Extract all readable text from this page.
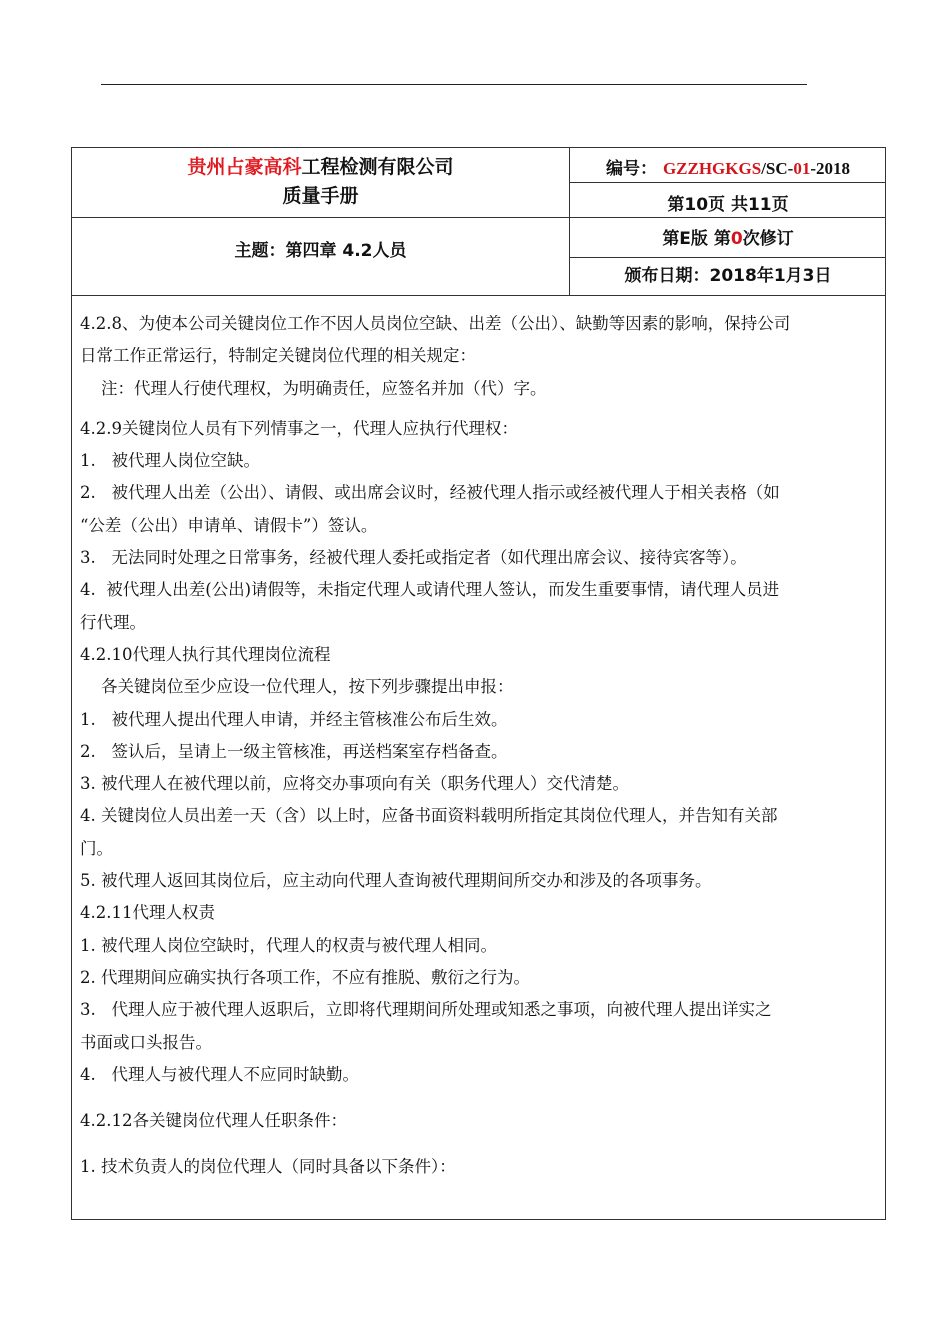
贵州占豪高科工程检测有限公司
质量手册
编号： GZZHGKGS/SC-01-2018
第10页 共11页
第E版 第0次修订
主题：第四章 4.2人员
颁布日期：2018年1月3日

4.2.8、为使本公司关键岗位工作不因人员岗位空缺、出差（公出）、缺勤等因素的影响，保持公司

日常工作正常运行，特制定关键岗位代理的相关规定：

注：代理人行使代理权，为明确责任，应签名并加（代）字。

4.2.9关键岗位人员有下列情事之一，代理人应执行代理权：

1.   被代理人岗位空缺。

2.   被代理人出差（公出）、请假、或出席会议时，经被代理人指示或经被代理人于相关表格（如

“公差（公出）申请单、请假卡”）签认。

3.   无法同时处理之日常事务，经被代理人委托或指定者（如代理出席会议、接待宾客等）。

4.  被代理人出差(公出)请假等，未指定代理人或请代理人签认，而发生重要事情，请代理人员进

行代理。

4.2.10代理人执行其代理岗位流程

各关键岗位至少应设一位代理人，按下列步骤提出申报：

1.   被代理人提出代理人申请，并经主管核准公布后生效。

2.   签认后，呈请上一级主管核准，再送档案室存档备查。

3. 被代理人在被代理以前，应将交办事项向有关（职务代理人）交代清楚。

4. 关键岗位人员出差一天（含）以上时，应备书面资料载明所指定其岗位代理人，并告知有关部

门。

5. 被代理人返回其岗位后，应主动向代理人查询被代理期间所交办和涉及的各项事务。

4.2.11代理人权责

1. 被代理人岗位空缺时，代理人的权责与被代理人相同。

2. 代理期间应确实执行各项工作，不应有推脱、敷衍之行为。

3.   代理人应于被代理人返职后，立即将代理期间所处理或知悉之事项，向被代理人提出详实之

书面或口头报告。

4.   代理人与被代理人不应同时缺勤。

4.2.12各关键岗位代理人任职条件：

1. 技术负责人的岗位代理人（同时具备以下条件）：
